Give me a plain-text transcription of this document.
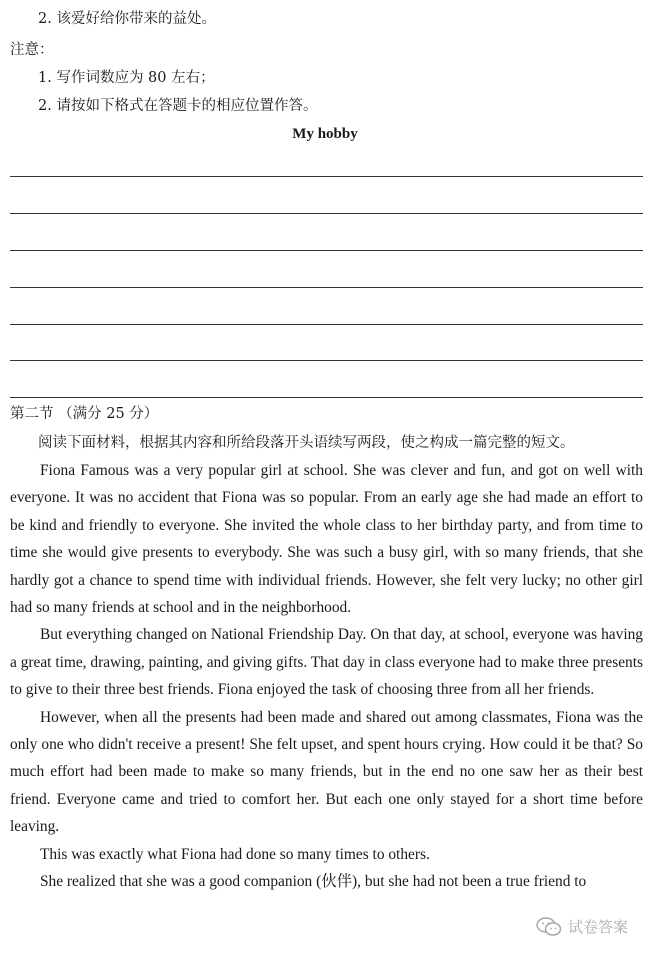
2. 该爱好给你带来的益处。
注意：
1. 写作词数应为 80 左右；
2. 请按如下格式在答题卡的相应位置作答。
My hobby
第二节 （满分 25 分）
阅读下面材料，根据其内容和所给段落开头语续写两段，使之构成一篇完整的短文。

Fiona Famous was a very popular girl at school. She was clever and fun, and got on well with everyone. It was no accident that Fiona was so popular. From an early age she had made an effort to be kind and friendly to everyone. She invited the whole class to her birthday party, and from time to time she would give presents to everybody. She was such a busy girl, with so many friends, that she hardly got a chance to spend time with individual friends. However, she felt very lucky; no other girl had so many friends at school and in the neighborhood.

But everything changed on National Friendship Day. On that day, at school, everyone was having a great time, drawing, painting, and giving gifts. That day in class everyone had to make three presents to give to their three best friends. Fiona enjoyed the task of choosing three from all her friends.

However, when all the presents had been made and shared out among classmates, Fiona was the only one who didn't receive a present! She felt upset, and spent hours crying. How could it be that? So much effort had been made to make so many friends, but in the end no one saw her as their best friend. Everyone came and tried to comfort her. But each one only stayed for a short time before leaving.

This was exactly what Fiona had done so many times to others.

She realized that she was a good companion (伙伴), but she had not been a true friend to

试卷答案
